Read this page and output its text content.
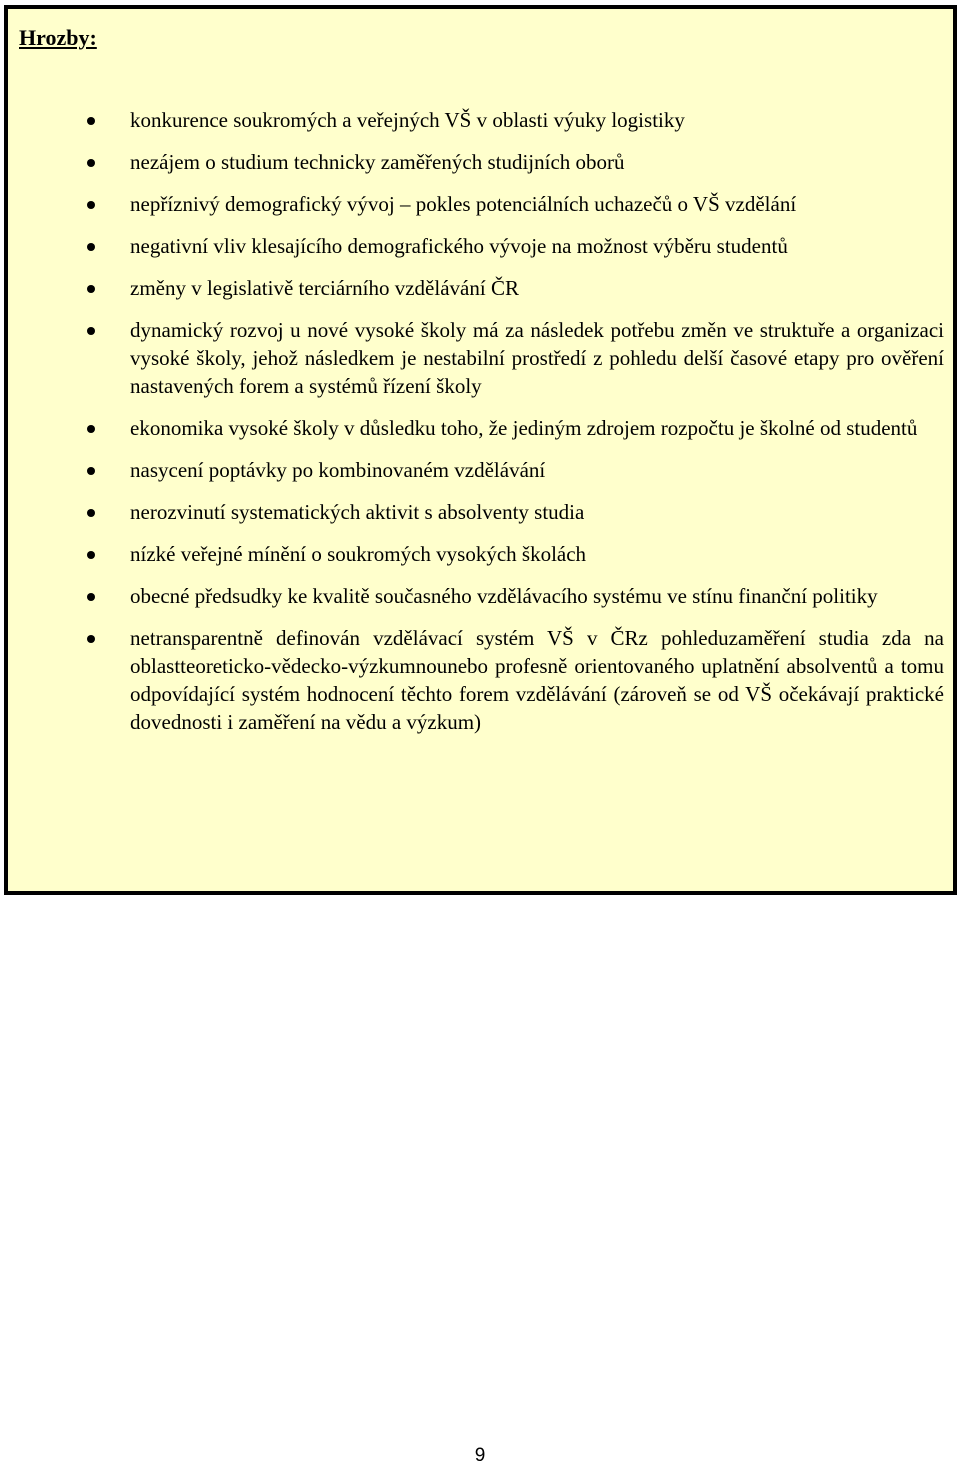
Hrozby:
konkurence soukromých a veřejných VŠ v oblasti výuky logistiky
nezájem o studium technicky zaměřených studijních oborů
nepříznivý demografický vývoj – pokles potenciálních uchazečů o VŠ vzdělání
negativní vliv klesajícího demografického vývoje na možnost výběru studentů
změny v legislativě terciárního vzdělávání ČR
dynamický rozvoj u nové vysoké školy má za následek potřebu změn ve struktuře a organizaci vysoké školy, jehož následkem je nestabilní prostředí z pohledu delší časové etapy pro ověření nastavených forem a systémů řízení školy
ekonomika vysoké školy v důsledku toho, že jediným zdrojem rozpočtu je školné od studentů
nasycení poptávky po kombinovaném vzdělávání
nerozvinutí systematických aktivit s absolventy studia
nízké veřejné mínění o soukromých vysokých školách
obecné předsudky ke kvalitě současného vzdělávacího systému ve stínu finanční politiky
netransparentně definován vzdělávací systém VŠ v ČRz pohleduzaměření studia zda na oblastteoreticko-vědecko-výzkumnounebo profesně orientovaného uplatnění absolventů a tomu odpovídající systém hodnocení těchto forem vzdělávání (zároveň se od VŠ očekávají praktické dovednosti i zaměření na vědu a výzkum)
9
